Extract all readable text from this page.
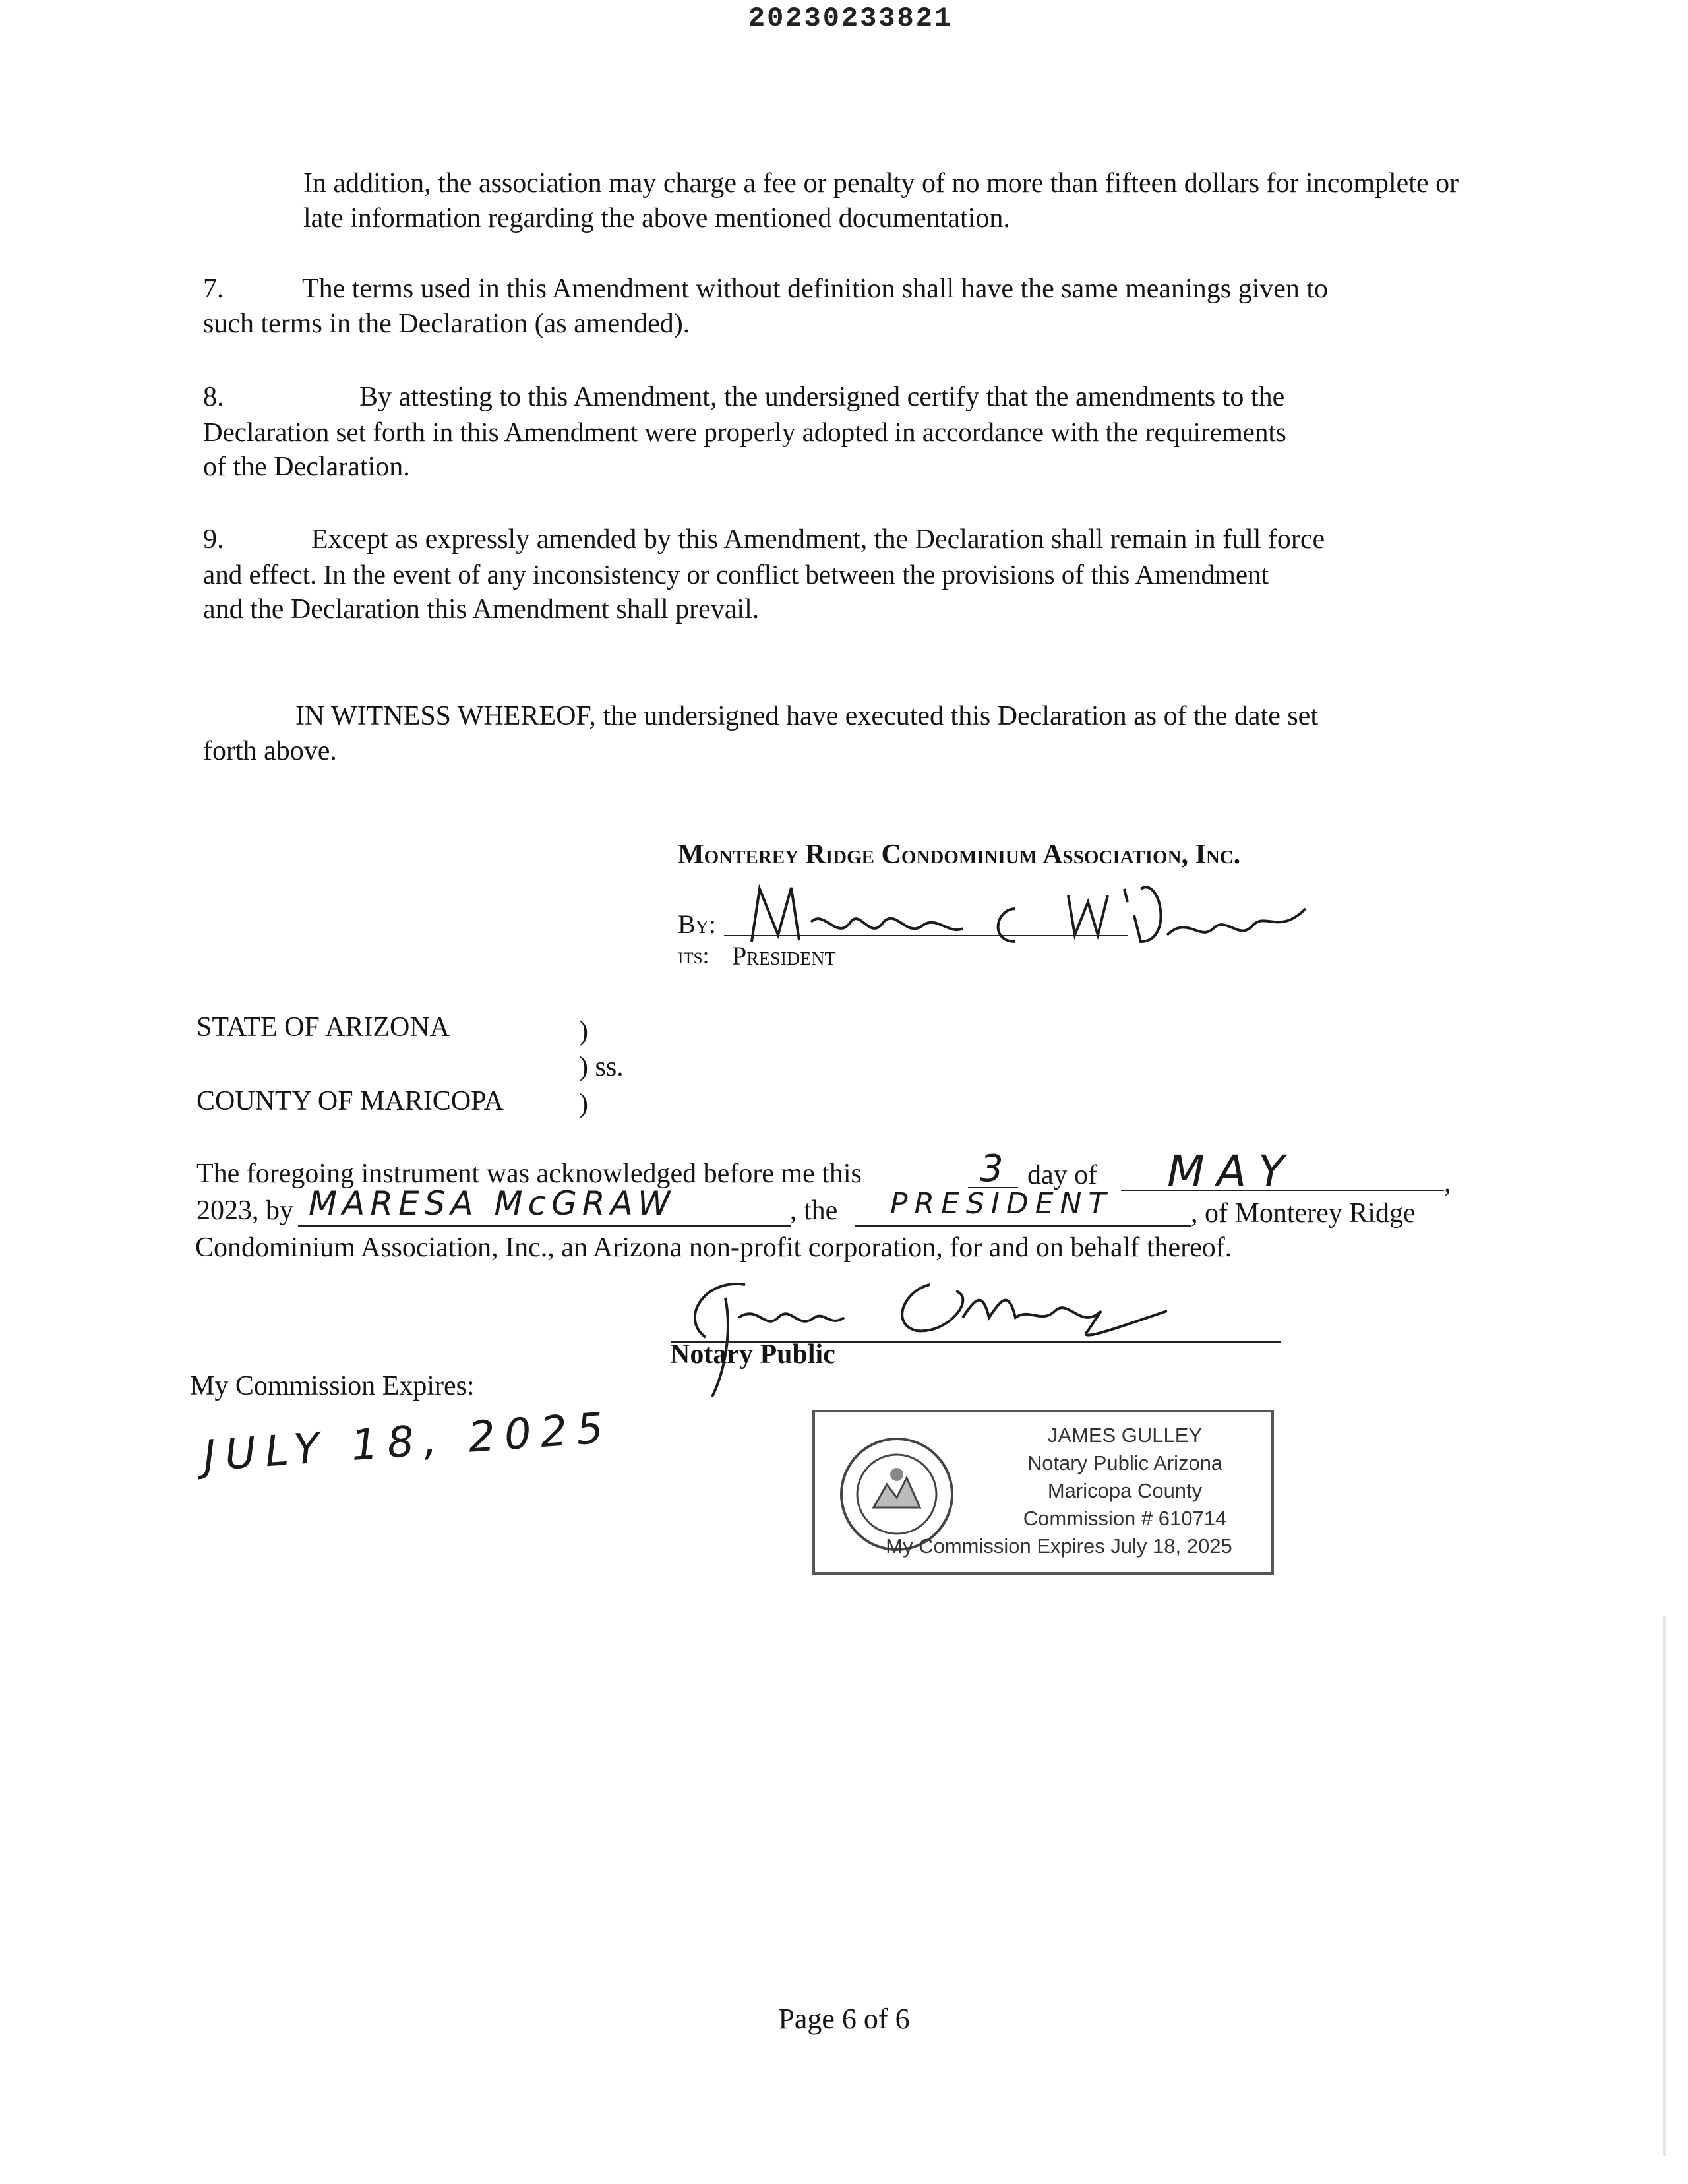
20230233821
In addition, the association may charge a fee or penalty of no more than fifteen dollars for incomplete or late information regarding the above mentioned documentation.
7.	The terms used in this Amendment without definition shall have the same meanings given to
such terms in the Declaration (as amended).
8.	By attesting to this Amendment, the undersigned certify that the amendments to the
Declaration set forth in this Amendment were properly adopted in accordance with the requirements
of the Declaration.
9.	Except as expressly amended by this Amendment, the Declaration shall remain in full force
and effect. In the event of any inconsistency or conflict between the provisions of this Amendment
and the Declaration this Amendment shall prevail.
IN WITNESS WHEREOF, the undersigned have executed this Declaration as of the date set
forth above.
Monterey Ridge Condominium Association, Inc.
By:
its: President
STATE OF ARIZONA	)
) ss.
COUNTY OF MARICOPA	)
The foregoing instrument was acknowledged before me this	3 day of MAY	,
2023, by MARESA McGRAW	, the PRESIDENT	, of Monterey Ridge
Condominium Association, Inc., an Arizona non-profit corporation, for and on behalf thereof.
Notary Public
My Commission Expires:
JULY 18, 2025	JAMES GULLEY
Notary Public Arizona
Maricopa County
Commission # 610714
My Commission Expires July 18, 2025
Page 6 of 6
